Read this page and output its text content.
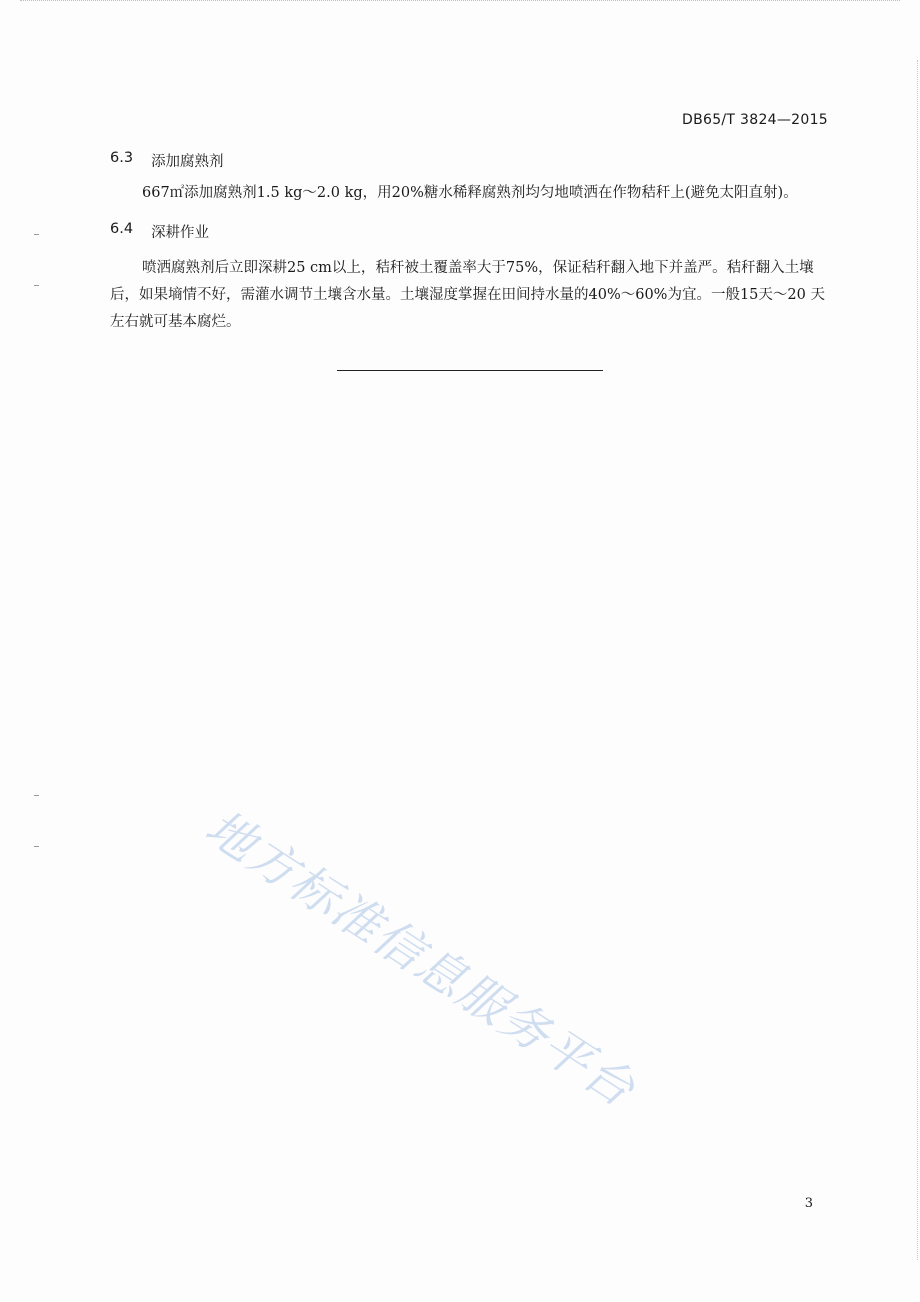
DB65/T 3824—2015
6.3 添加腐熟剂

667㎡添加腐熟剂1.5 kg～2.0 kg，用20%糖水稀释腐熟剂均匀地喷洒在作物秸秆上(避免太阳直射)。

6.4 深耕作业

喷洒腐熟剂后立即深耕25 cm以上，秸秆被土覆盖率大于75%，保证秸秆翻入地下并盖严。秸秆翻入土壤后，如果墒情不好，需灌水调节土壤含水量。土壤湿度掌握在田间持水量的40%～60%为宜。一般15天～20 天左右就可基本腐烂。

地方标准信息服务平台
3
